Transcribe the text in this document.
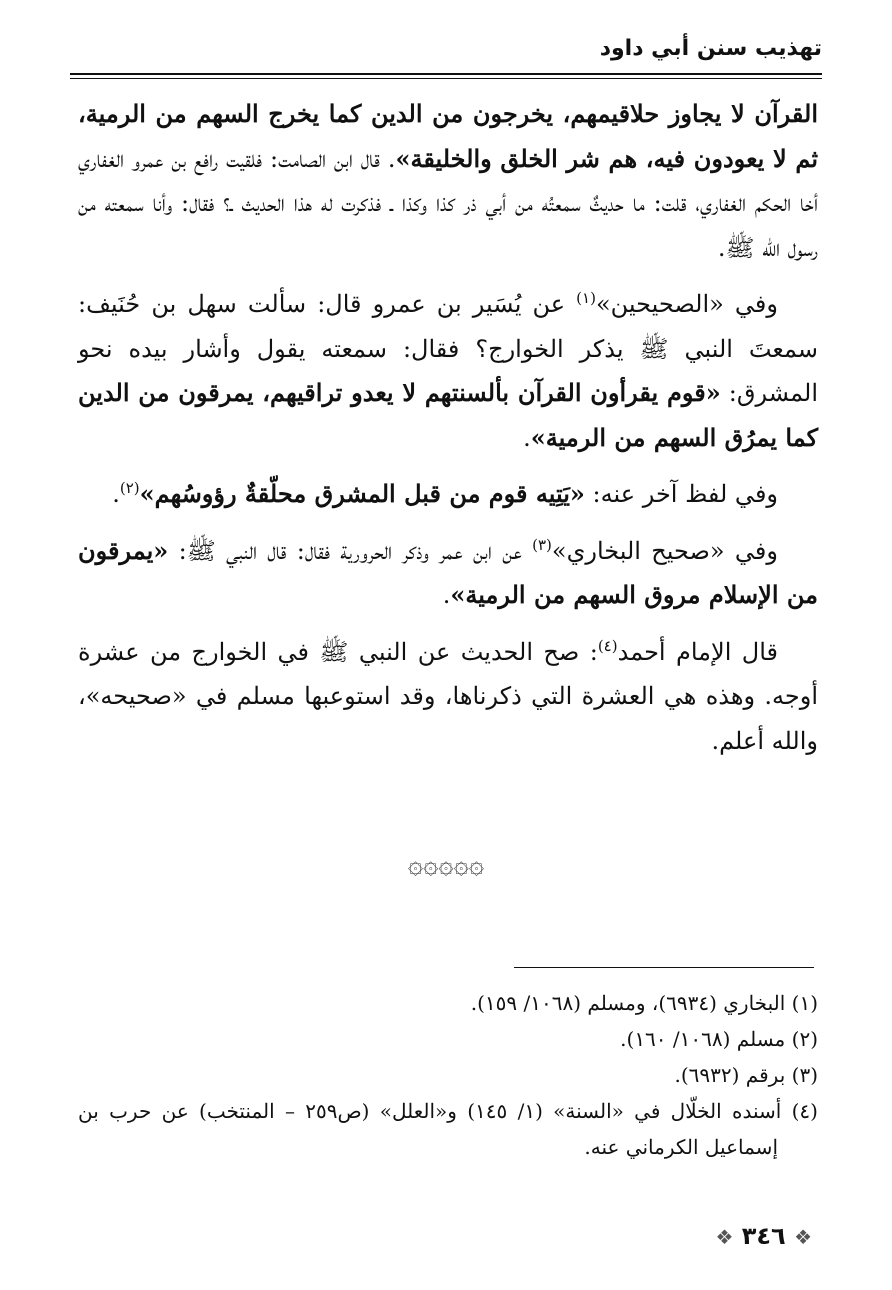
تهذيب سنن أبي داود

القرآن لا يجاوز حلاقيمهم، يخرجون من الدين كما يخرج السهم من الرمية، ثم لا يعودون فيه، هم شر الخلق والخليقة». قال ابن الصامت: فلقيت رافع بن عمرو الغفاري أخا الحكم الغفاري، قلت: ما حديثٌ سمعتُه من أبي ذر كذا وكذا ـ فذكرت له هذا الحديث ـ؟ فقال: وأنا سمعته من رسول الله ﷺ.

وفي «الصحيحين»$^{(١)}$ عن يُسَير بن عمرو قال: سألت سهل بن حُنَيف: سمعتَ النبي ﷺ يذكر الخوارج؟ فقال: سمعته يقول وأشار بيده نحو المشرق: «قوم يقرأون القرآن بألسنتهم لا يعدو تراقيهم، يمرقون من الدين كما يمرُق السهم من الرمية».

وفي لفظ آخر عنه: «يَتِيه قوم من قبل المشرق محلّقةٌ رؤوسُهم»$^{(٢)}$.

وفي «صحيح البخاري»$^{(٣)}$ عن ابن عمر وذكر الحرورية فقال: قال النبي ﷺ: «يمرقون من الإسلام مروق السهم من الرمية».

قال الإمام أحمد$^{(٤)}$: صح الحديث عن النبي ﷺ في الخوارج من عشرة أوجه. وهذه هي العشرة التي ذكرناها، وقد استوعبها مسلم في «صحيحه»، والله أعلم.

۞۞۞۞۞

(١) البخاري (٦٩٣٤)، ومسلم (١٠٦٨/ ١٥٩).

(٢) مسلم (١٠٦٨/ ١٦٠).

(٣) برقم (٦٩٣٢).

(٤) أسنده الخلّال في «السنة» (١/ ١٤٥) و«العلل» (ص٢٥٩ – المنتخب) عن حرب بن إسماعيل الكرماني عنه.

❖ ٣٤٦ ❖
